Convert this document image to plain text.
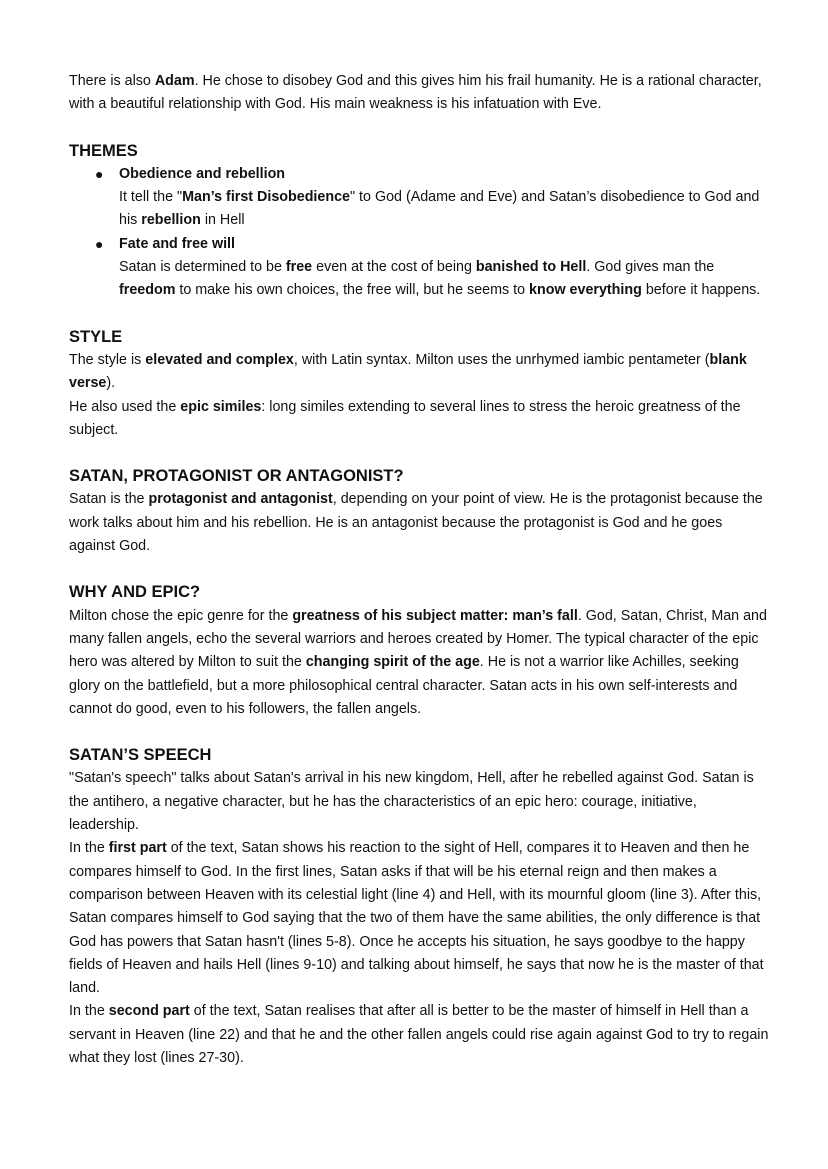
There is also Adam. He chose to disobey God and this gives him his frail humanity. He is a rational character, with a beautiful relationship with God. His main weakness is his infatuation with Eve.

THEMES
● Obedience and rebellion

It tell the "Man’s first Disobedience" to God (Adame and Eve) and Satan’s disobedience to God and his rebellion in Hell

● Fate and free will

Satan is determined to be free even at the cost of being banished to Hell. God gives man the freedom to make his own choices, the free will, but he seems to know everything before it happens.

STYLE

The style is elevated and complex, with Latin syntax. Milton uses the unrhymed iambic pentameter (blank verse).

He also used the epic similes: long similes extending to several lines to stress the heroic greatness of the subject.

SATAN, PROTAGONIST OR ANTAGONIST?

Satan is the protagonist and antagonist, depending on your point of view. He is the protagonist because the work talks about him and his rebellion. He is an antagonist because the protagonist is God and he goes against God.

WHY AND EPIC?

Milton chose the epic genre for the greatness of his subject matter: man’s fall. God, Satan, Christ, Man and many fallen angels, echo the several warriors and heroes created by Homer. The typical character of the epic hero was altered by Milton to suit the changing spirit of the age. He is not a warrior like Achilles, seeking glory on the battlefield, but a more philosophical central character. Satan acts in his own self-interests and cannot do good, even to his followers, the fallen angels.

SATAN’S SPEECH

"Satan's speech" talks about Satan's arrival in his new kingdom, Hell, after he rebelled against God. Satan is the antihero, a negative character, but he has the characteristics of an epic hero: courage, initiative, leadership.

In the first part of the text, Satan shows his reaction to the sight of Hell, compares it to Heaven and then he compares himself to God. In the first lines, Satan asks if that will be his eternal reign and then makes a comparison between Heaven with its celestial light (line 4) and Hell, with its mournful gloom (line 3). After this, Satan compares himself to God saying that the two of them have the same abilities, the only difference is that God has powers that Satan hasn't (lines 5-8). Once he accepts his situation, he says goodbye to the happy fields of Heaven and hails Hell (lines 9-10) and talking about himself, he says that now he is the master of that land.

In the second part of the text, Satan realises that after all is better to be the master of himself in Hell than a servant in Heaven (line 22) and that he and the other fallen angels could rise again against God to try to regain what they lost (lines 27-30).
